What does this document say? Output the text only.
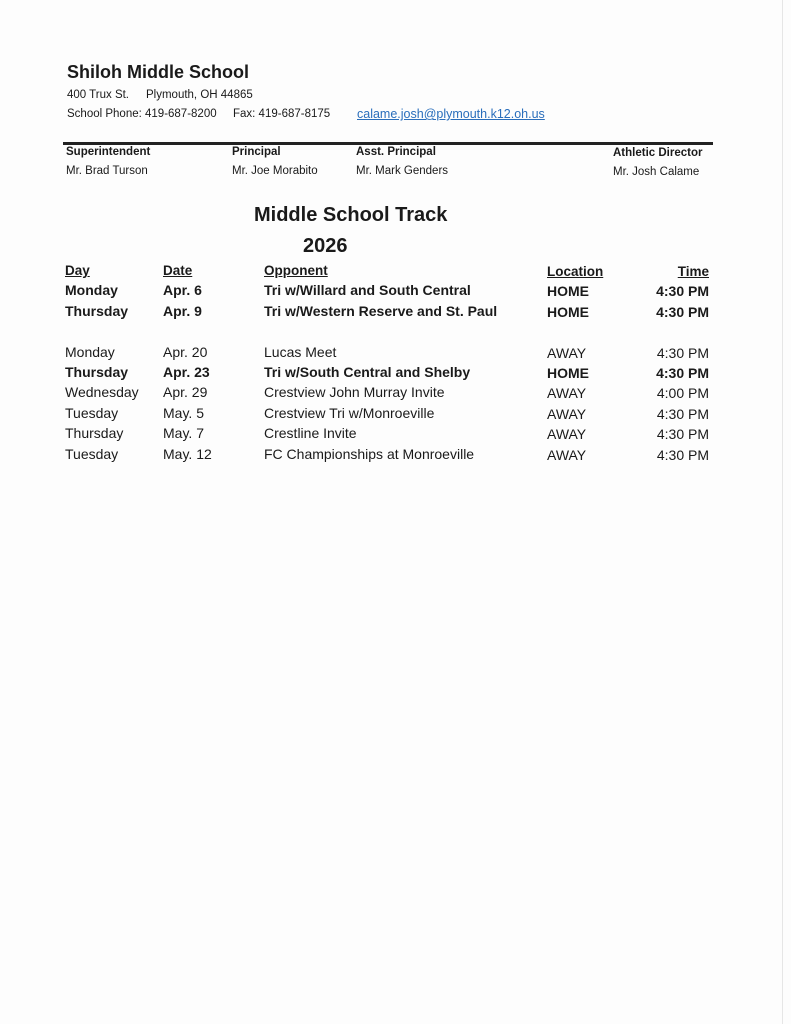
Shiloh Middle School
400 Trux St. Plymouth, OH 44865
School Phone: 419-687-8200 Fax: 419-687-8175 calame.josh@plymouth.k12.oh.us
Superintendent
Mr. Brad Turson
Principal
Mr. Joe Morabito
Asst. Principal
Mr. Mark Genders
Athletic Director
Mr. Josh Calame
Middle School Track
2026
Day	Date	Opponent	Location	Time
Monday	Apr. 6	Tri w/Willard and South Central	HOME	4:30 PM
Thursday Apr. 9	Tri w/Western Reserve and St. Paul	HOME	4:30 PM
Monday	Apr. 20	Lucas Meet	AWAY	4:30 PM
Thursday Apr. 23	Tri w/South Central and Shelby	HOME	4:30 PM
Wednesday Apr. 29	Crestview John Murray Invite	AWAY	4:00 PM
Tuesday	May. 5	Crestview Tri w/Monroeville	AWAY	4:30 PM
Thursday	May. 7	Crestline Invite	AWAY	4:30 PM
Tuesday	May. 12	FC Championships at Monroeville	AWAY	4:30 PM
